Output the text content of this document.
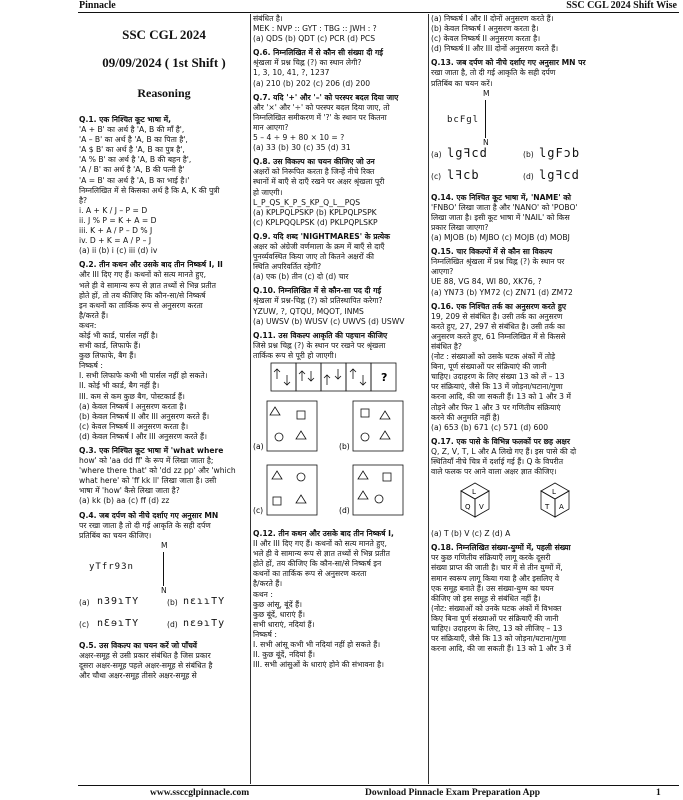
Pinnacle	SSC CGL 2024 Shift Wise

SSC CGL 2024

09/09/2024 ( 1st Shift )

Reasoning

Q.1. एक निश्चित कूट भाषा में,

'A + B' का अर्थ है 'A, B की माँ है',

'A – B' का अर्थ है 'A, B का पिता है',

'A $ B' का अर्थ है 'A, B का पुत्र है',

'A % B' का अर्थ है 'A, B की बहन है',

'A / B' का अर्थ है 'A, B की पत्नी है'

'A = B' का अर्थ है 'A, B का भाई है।'

निम्नलिखित में से किसका अर्थ है कि A, K की पुत्री

है?

i. A + K / J – P = D

ii. J % P = K + A = D

iii. K + A / P – D % J

iv. D + K = A / P – J

(a) ii (b) i (c) iii (d) iv

Q.2. तीन कथन और उसके बाद तीन निष्कर्ष I, II

और III दिए गए हैं। कथनों को सत्य मानते हुए,

भले ही वे सामान्य रूप से ज्ञात तथ्यों से भिन्न प्रतीत

होते हों, तो तय कीजिए कि कौन-सा/से निष्कर्ष

इन कथनों का तार्किक रूप से अनुसरण करता

है/करते हैं।

कथन:

कोई भी कार्ड, पार्सल नहीं है।

सभी कार्ड, लिफाफे हैं।

कुछ लिफाफे, बैग हैं।

निष्कर्ष :

I. सभी लिफाफे कभी भी पार्सल नहीं हो सकते।

II. कोई भी कार्ड, बैग नहीं है।

III. कम से कम कुछ बैग, पोस्टकार्ड हैं।

(a) केवल निष्कर्ष I अनुसरण करता है।

(b) केवल निष्कर्ष II और III अनुसरण करते हैं।

(c) केवल निष्कर्ष II अनुसरण करता है।

(d) केवल निष्कर्ष I और III अनुसरण करते हैं।

Q.3. एक निश्चित कूट भाषा में 'what where

how' को 'aa dd ff' के रूप में लिखा जाता है;

'where there that' को 'dd zz pp' और 'which

what here' को 'ff kk ll' लिखा जाता है। उसी

भाषा में 'how' कैसे लिखा जाता है?

(a) kk (b) aa (c) ff (d) zz

Q.4. जब दर्पण को नीचे दर्शाए गए अनुसार MN

पर रखा जाता है तो दी गई आकृति के सही दर्पण

प्रतिबिंब का चयन कीजिए।

M
yTfr93n
N
(a) n39ɿTY	(b) nɛɿɿTY
(c) nƐɘɿTY	(d) nɛɘɿTy

Q.5. उस विकल्प का चयन करें जो पाँचवें

अक्षर-समूह से उसी प्रकार संबंधित है जिस प्रकार

दूसरा अक्षर-समूह पहले अक्षर-समूह से संबंधित है

और चौथा अक्षर-समूह तीसरे अक्षर-समूह से

संबंधित है।

MEK : NVP :: GYT : TBG :: JWH : ?

(a) QDS (b) QDT (c) PCR (d) PCS

Q.6. निम्नलिखित में से कौन सी संख्या दी गई

श्रृंखला में प्रश्न चिह्न (?) का स्थान लेगी?

1, 3, 10, 41, ?, 1237

(a) 210 (b) 202 (c) 206 (d) 200

Q.7. यदि '+' और '–' को परस्पर बदल दिया जाए

और '×' और '÷' को परस्पर बदल दिया जाए, तो

निम्नलिखित समीकरण में '?' के स्थान पर कितना

मान आएगा?

5 – 4 ÷ 9 + 80 × 10 = ?

(a) 33 (b) 30 (c) 35 (d) 31

Q.8. उस विकल्प का चयन कीजिए जो उन

अक्षरों को निरूपित करता है जिन्हें नीचे रिक्त

स्थानों में बाएँ से दाएँ रखने पर अक्षर श्रृंखला पूरी

हो जाएगी।

L_P_QS_K_P_S_KP_Q_L__PQS

(a) KPLPQLPSKP (b) KPLPQLPSPK

(c) KPLPQQLPSK (d) PKLPQPLSKP

Q.9. यदि शब्द 'NIGHTMARES' के प्रत्येक

अक्षर को अंग्रेजी वर्णमाला के क्रम में बाएँ से दाएँ

पुनर्व्यवस्थित किया जाए तो कितने अक्षरों की

स्थिति अपरिवर्तित रहेगी?

(a) एक (b) तीन (c) दो (d) चार

Q.10. निम्नलिखित में से कौन-सा पद दी गई

श्रृंखला में प्रश्न-चिह्न (?) को प्रतिस्थापित करेगा?

YZUW, ?, QTQU, MQOT, INMS

(a) UWSV (b) WUSV (c) UWVS (d) USWV

Q.11. उस विकल्प आकृति की पहचान कीजिए

जिसे प्रश्न चिह्न (?) के स्थान पर रखने पर श्रृंखला

तार्किक रूप से पूरी हो जाएगी।

?
(a)	(b)
(c)	(d)

Q.12. तीन कथन और उसके बाद तीन निष्कर्ष I,

II और III दिए गए हैं। कथनों को सत्य मानते हुए,

भले ही वे सामान्य रूप से ज्ञात तथ्यों से भिन्न प्रतीत

होते हों, तय कीजिए कि कौन-सा/से निष्कर्ष इन

कथनों का तार्किक रूप से अनुसरण करता

है/करते हैं।

कथन :

कुछ आंसू, बूंदें हैं।

कुछ बूंदें, धाराएं हैं।

सभी धाराएं, नदियां हैं।

निष्कर्ष :

I. सभी आंसू कभी भी नदियां नहीं हो सकते हैं।

II. कुछ बूंदें, नदियां हैं।

III. सभी आंसुओं के धाराएं होने की संभावना है।

(a) निष्कर्ष I और II दोनों अनुसरण करते हैं।

(b) केवल निष्कर्ष I अनुसरण करता है।

(c) केवल निष्कर्ष II अनुसरण करता है।

(d) निष्कर्ष II और III दोनों अनुसरण करते हैं।

Q.13. जब दर्पण को नीचे दर्शाए गए अनुसार MN पर

रखा जाता है, तो दी गई आकृति के सही दर्पण

प्रतिबिंब का चयन करें।

M
bcFgl
N
(a) lgꟻcd	(b) lgFɔb
(c) lꟻcb	(d) lgꟻcd

Q.14. एक निश्चित कूट भाषा में, 'NAME' को

'FNBO' लिखा जाता है और 'NANO' को 'POBO'

लिखा जाता है। इसी कूट भाषा में 'NAIL' को किस

प्रकार लिखा जाएगा?

(a) MJOB (b) MJBO (c) MOJB (d) MOBJ

Q.15. चार विकल्पों में से कौन सा विकल्प

निम्नलिखित श्रृंखला में प्रश्न चिह्न (?) के स्थान पर

आएगा?

UE 88, VG 84, WI 80, XK76, ?

(a) YN73 (b) YM72 (c) ZN71 (d) ZM72

Q.16. एक निश्चित तर्क का अनुसरण करते हुए

19, 209 से संबंधित है। उसी तर्क का अनुसरण

करते हुए, 27, 297 से संबंधित है। उसी तर्क का

अनुसरण करते हुए, 61 निम्नलिखित में से किससे

संबंधित है?

(नोट : संख्याओं को उसके घटक अंकों में तोड़े

बिना, पूर्ण संख्याओं पर संक्रियाएं की जानी

चाहिए। उदाहरण के लिए संख्या 13 को लें – 13

पर संक्रियाएं, जैसे कि 13 में जोड़ना/घटाना/गुणा

करना आदि, की जा सकती हैं। 13 को 1 और 3 में

तोड़ने और फिर 1 और 3 पर गणितीय संक्रियाएं

करने की अनुमति नहीं है)

(a) 653 (b) 671 (c) 571 (d) 600

Q.17. एक पासे के विभिन्न फलकों पर छह अक्षर

Q, Z, V, T, L और A लिखे गए हैं। इस पासे की दो

स्थितियाँ नीचे चित्र में दर्शाई गई हैं। Q के विपरीत

वाले फलक पर आने वाला अक्षर ज्ञात कीजिए।

L
Q V
L
T A

(a) T (b) V (c) Z (d) A

Q.18. निम्नलिखित संख्या-युग्मों में, पहली संख्या

पर कुछ गणितीय संक्रियाएँ लागू करके दूसरी

संख्या प्राप्त की जाती है। चार में से तीन युग्मों में,

समान स्वरूप लागू किया गया है और इसलिए वे

एक समूह बनाते हैं। उस संख्या-युग्म का चयन

कीजिए जो इस समूह से संबंधित नहीं है।

(नोट: संख्याओं को उनके घटक अंकों में विभक्त

किए बिना पूर्ण संख्याओं पर संक्रियाएँ की जानी

चाहिए। उदाहरण के लिए, 13 को लीजिए – 13

पर संक्रियाएँ, जैसे कि 13 को जोड़ना/घटाना/गुणा

करना आदि, की जा सकती हैं। 13 को 1 और 3 में

www.ssccglpinnacle.com	Download Pinnacle Exam Preparation App	1
